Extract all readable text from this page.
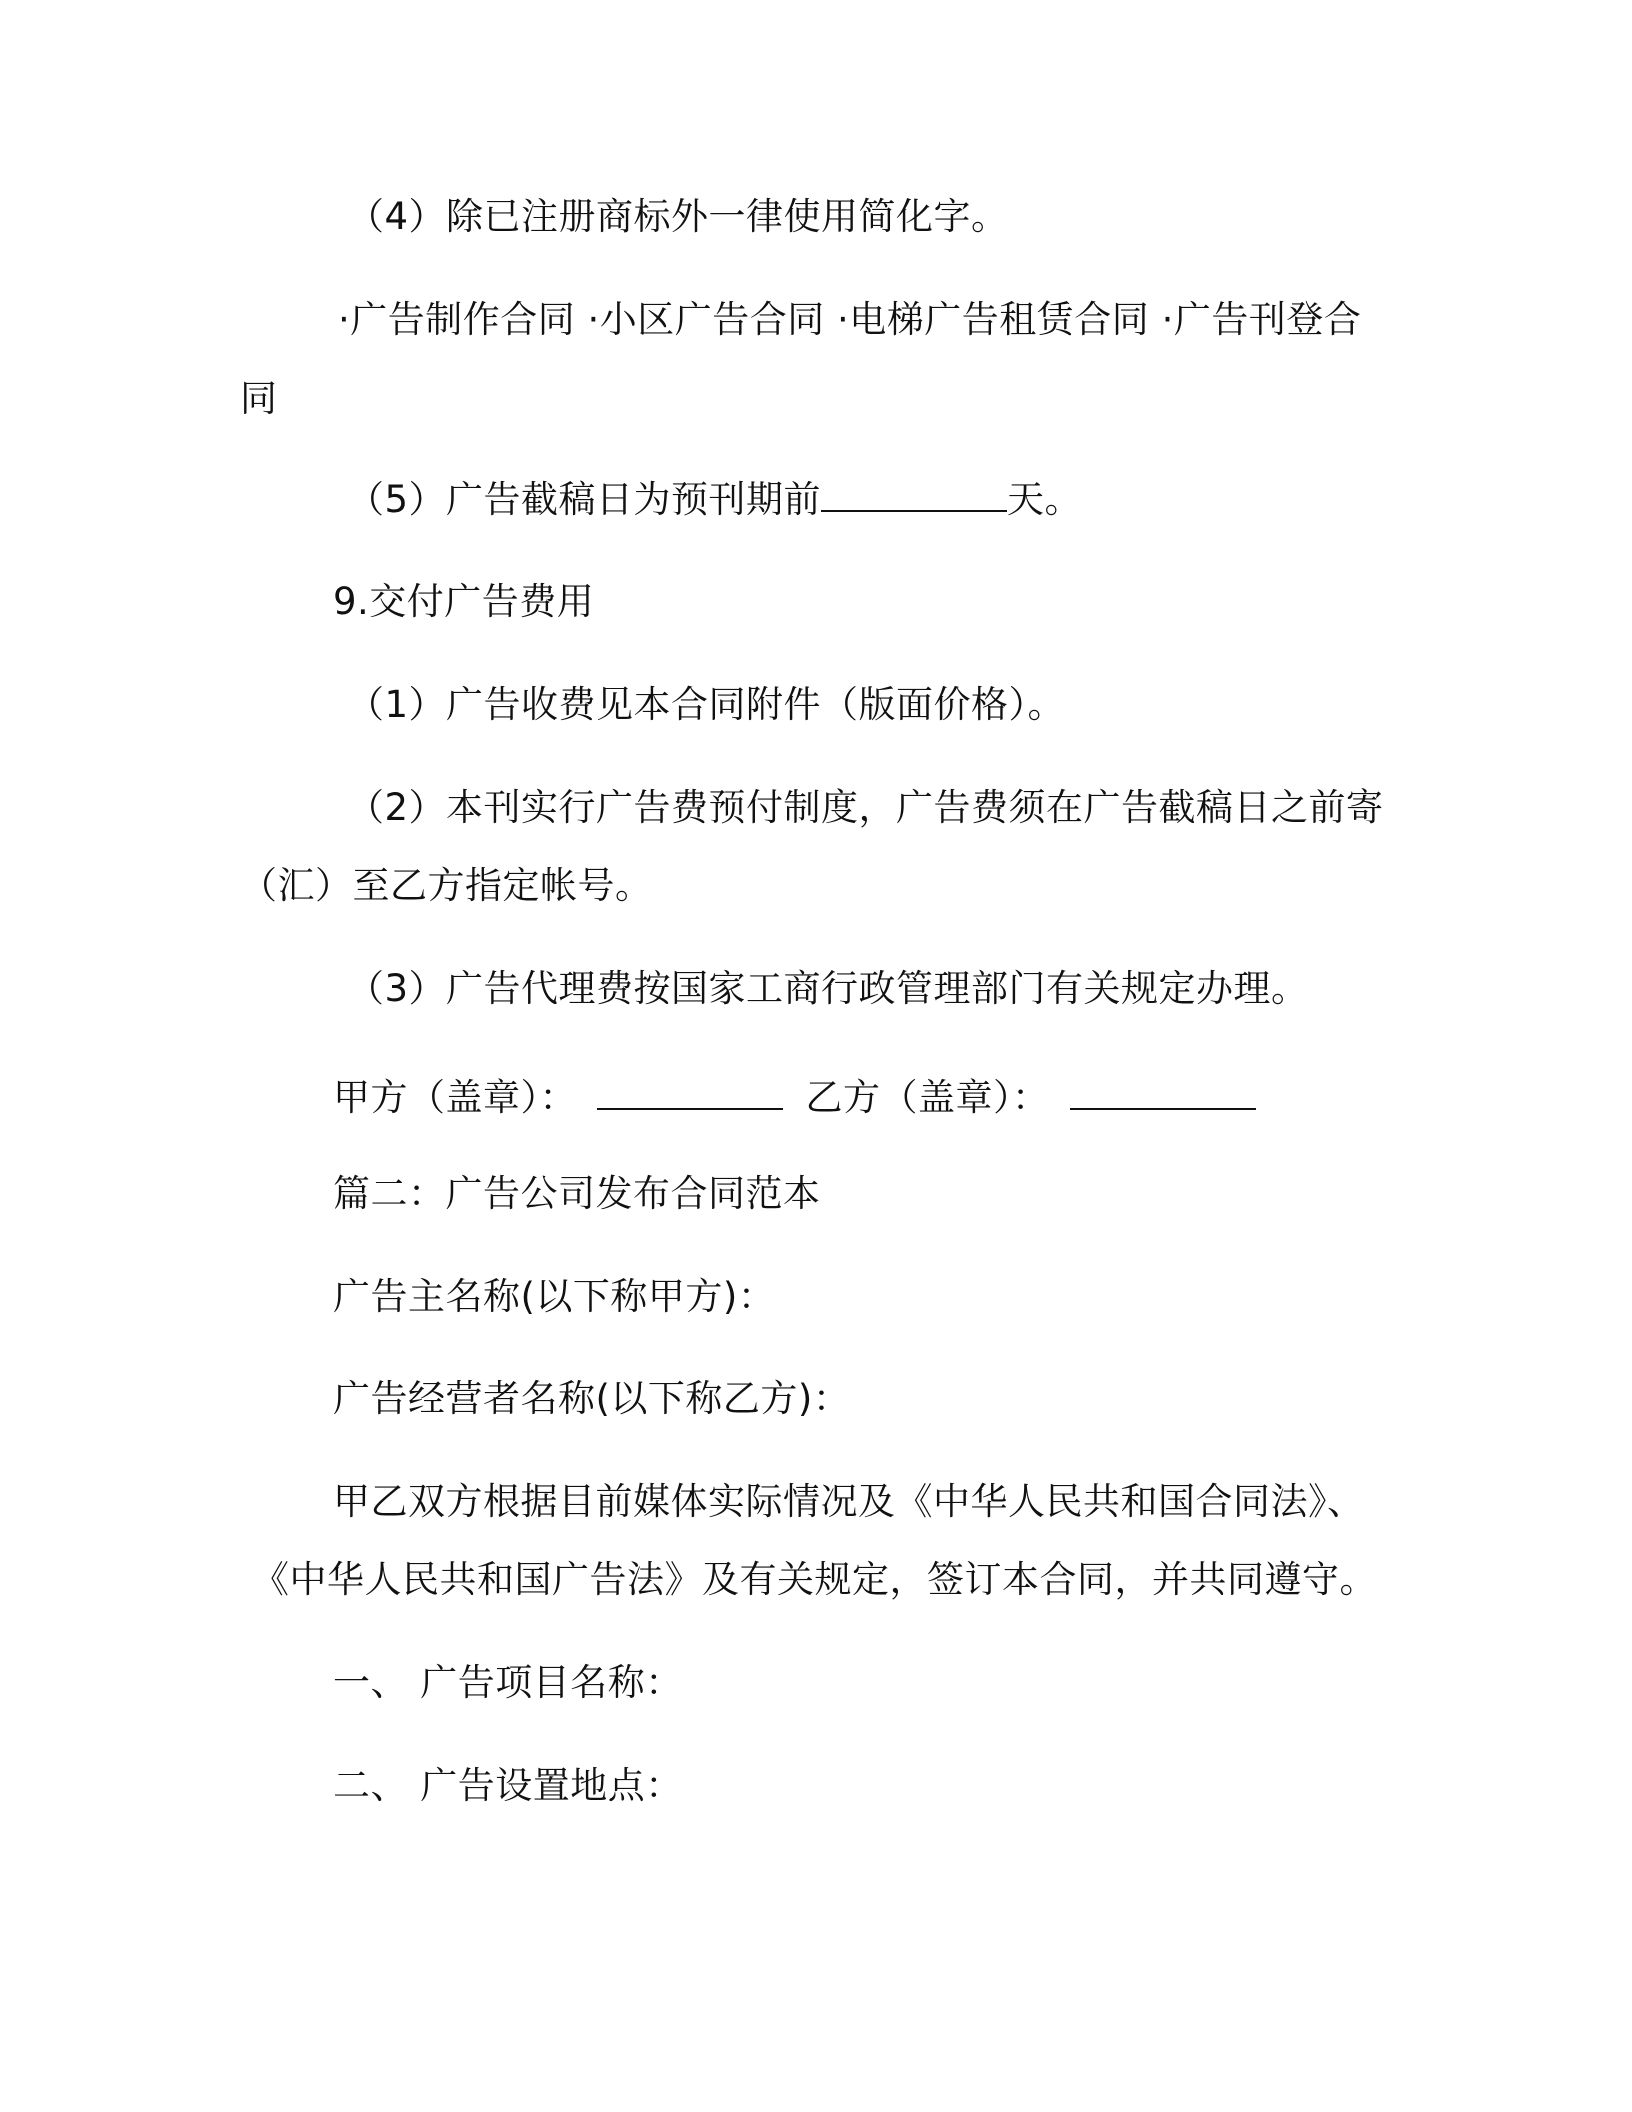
（4）除已注册商标外一律使用简化字。
·广告制作合同 ·小区广告合同 ·电梯广告租赁合同 ·广告刊登合
同
（5）广告截稿日为预刊期前	天。
9.交付广告费用
（1）广告收费见本合同附件（版面价格）。
（2）本刊实行广告费预付制度，广告费须在广告截稿日之前寄
（汇）至乙方指定帐号。
（3）广告代理费按国家工商行政管理部门有关规定办理。
甲方（盖章）：	乙方（盖章）：
篇二：广告公司发布合同范本
广告主名称(以下称甲方)：
广告经营者名称(以下称乙方)：
甲乙双方根据目前媒体实际情况及《中华人民共和国合同法》、
《中华人民共和国广告法》及有关规定，签订本合同，并共同遵守。
一、 广告项目名称：
二、 广告设置地点：
